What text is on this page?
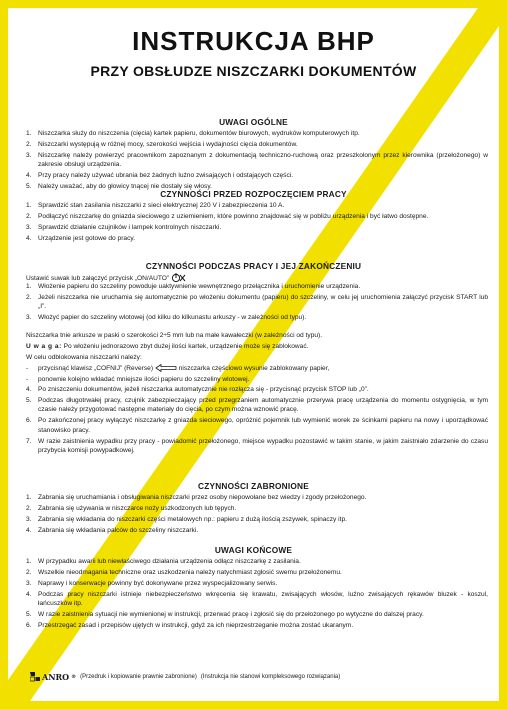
INSTRUKCJA BHP
PRZY OBSŁUDZE NISZCZARKI DOKUMENTÓW
UWAGI OGÓLNE
1. Niszczarka służy do niszczenia (cięcia) kartek papieru, dokumentów biurowych, wydruków komputerowych itp.
2. Niszczarki występują w różnej mocy, szerokości wejścia i wydajności cięcia dokumentów.
3. Niszczarkę należy powierzyć pracownikom zapoznanym z dokumentacją techniczno-ruchową oraz przeszkolonym przez kierownika (przełożonego) w zakresie obsługi urządzenia.
4. Przy pracy należy używać ubrania bez żadnych luźno zwisających i odstających części.
5. Należy uważać, aby do głowicy tnącej nie dostały się włosy.
CZYNNOŚCI PRZED ROZPOCZĘCIEM PRACY
1. Sprawdzić stan zasilania niszczarki z sieci elektrycznej 220 V i zabezpieczenia 10 A.
2. Podłączyć niszczarkę do gniazda sieciowego z uziemieniem, które powinno znajdować się w pobliżu urządzenia i być łatwo dostępne.
3. Sprawdzić działanie czujników i lampek kontrolnych niszczarki.
4. Urządzenie jest gotowe do pracy.
CZYNNOŚCI PODCZAS PRACY I JEJ ZAKOŃCZENIU

Ustawić suwak lub załączyć przycisk „ON/AUTO”

1. Włożenie papieru do szczeliny powoduje uaktywnienie wewnętrznego przełącznika i uruchomienie urządzenia.
2. Jeżeli niszczarka nie uruchamia się automatycznie po włożeniu dokumentu (papieru) do szczeliny, w celu jej uruchomienia załączyć przycisk START lub „I”.
3. Włożyć papier do szczeliny wlotowej (od kilku do kilkunastu arkuszy - w zależności od typu).

Niszczarka tnie arkusze w paski o szerokości 2÷5 mm lub na małe kawałeczki (w zależności od typu).

U w a g a: Po włożeniu jednorazowo zbyt dużej ilości kartek, urządzenie może się zablokować.

W celu odblokowania niszczarki należy:

- przycisnąć klawisz „COFNIJ” (Reverse)	niszczarka częściowo wysunie zablokowany papier,
- ponownie kolejno wkładać mniejsze ilości papieru do szczeliny wlotowej.
4. Po zniszczeniu dokumentów, jeżeli niszczarka automatycznie nie rozłącza się - przycisnąć przycisk STOP lub „0”.
5. Podczas długotrwałej pracy, czujnik zabezpieczający przed przegrzaniem automatycznie przerywa pracę urządzenia do momentu ostygnięcia, w tym czasie należy przygotować następne materiały do cięcia, po czym można wznowić pracę.
6. Po zakończonej pracy wyłączyć niszczarkę z gniazda sieciowego, opróżnić pojemnik lub wymienić worek ze ścinkami papieru na nowy i uporządkować stanowisko pracy.
7. W razie zaistnienia wypadku przy pracy - powiadomić przełożonego, miejsce wypadku pozostawić w takim stanie, w jakim zaistniało zdarzenie do czasu przybycia komisji powypadkowej.
CZYNNOŚCI ZABRONIONE
1. Zabrania się uruchamiania i obsługiwania niszczarki przez osoby niepowołane bez wiedzy i zgody przełożonego.
2. Zabrania się używania w niszczarce noży uszkodzonych lub tępych.
3. Zabrania się wkładania do niszczarki części metalowych np.: papieru z dużą ilością zszywek, spinaczy itp.
4. Zabrania się wkładania palców do szczeliny niszczarki.
UWAGI KOŃCOWE
1. W przypadku awarii lub niewłaściwego działania urządzenia odłącz niszczarkę z zasilania.
2. Wszelkie nieodmagania techniczne oraz uszkodzenia należy natychmiast zgłosić swemu przełożonemu.
3. Naprawy i konserwacje powinny być dokonywane przez wyspecjalizowany serwis.
4. Podczas pracy niszczarki istnieje niebezpieczeństwo wkręcenia się krawatu, zwisających włosów, luźno zwisających rękawów bluzek - koszul, łańcuszków itp.
5. W razie zaistnienia sytuacji nie wymienionej w instrukcji, przerwać pracę i zgłosić się do przełożonego po wytyczne do dalszej pracy.
6. Przestrzegać zasad i przepisów ujętych w instrukcji, gdyż za ich nieprzestrzeganie można zostać ukaranym.
ANRO ® (Przedruk i kopiowanie prawnie zabronione) (Instrukcja nie stanowi kompleksowego rozwiązania)
